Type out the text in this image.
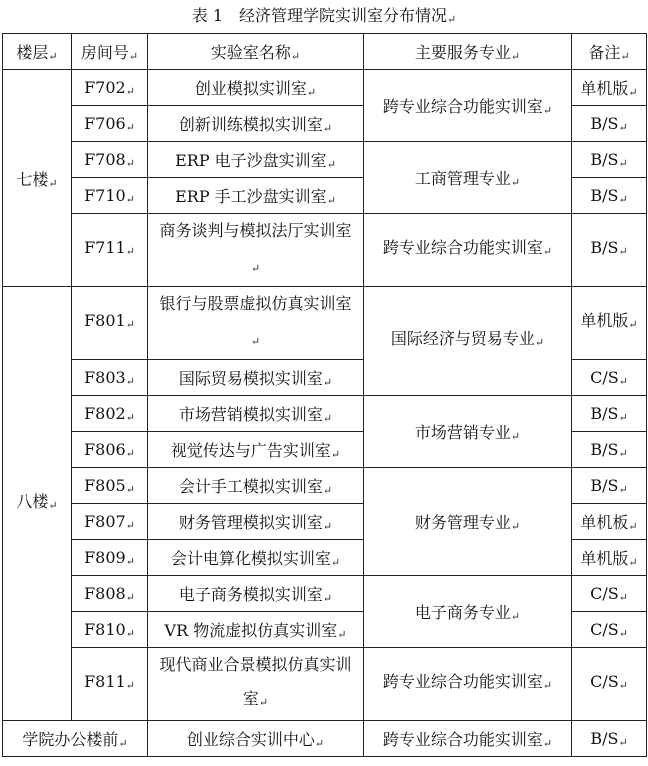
表 1　经济管理学院实训室分布情况↵
楼层↵	房间号↵	实验室名称↵	主要服务专业↵	备注↵
七楼↵	F702↵	创业模拟实训室↵	跨专业综合功能实训室↵	单机版↵
	F706↵	创新训练模拟实训室↵		B/S↵
	F708↵	ERP 电子沙盘实训室↵	工商管理专业↵	B/S↵
	F710↵	ERP 手工沙盘实训室↵		B/S↵
	F711↵	商务谈判与模拟法厅实训室↵	跨专业综合功能实训室↵	B/S↵
八楼↵	F801↵	银行与股票虚拟仿真实训室↵	国际经济与贸易专业↵	单机版↵
	F803↵	国际贸易模拟实训室↵		C/S↵
	F802↵	市场营销模拟实训室↵	市场营销专业↵	B/S↵
	F806↵	视觉传达与广告实训室↵		B/S↵
	F805↵	会计手工模拟实训室↵	财务管理专业↵	B/S↵
	F807↵	财务管理模拟实训室↵		单机板↵
	F809↵	会计电算化模拟实训室↵		单机版↵
	F808↵	电子商务模拟实训室↵	电子商务专业↵	C/S↵
	F810↵	VR 物流虚拟仿真实训室↵		C/S↵
	F811↵	现代商业合景模拟仿真实训室↵	跨专业综合功能实训室↵	C/S↵
学院办公楼前↵		创业综合实训中心↵	跨专业综合功能实训室↵	B/S↵
